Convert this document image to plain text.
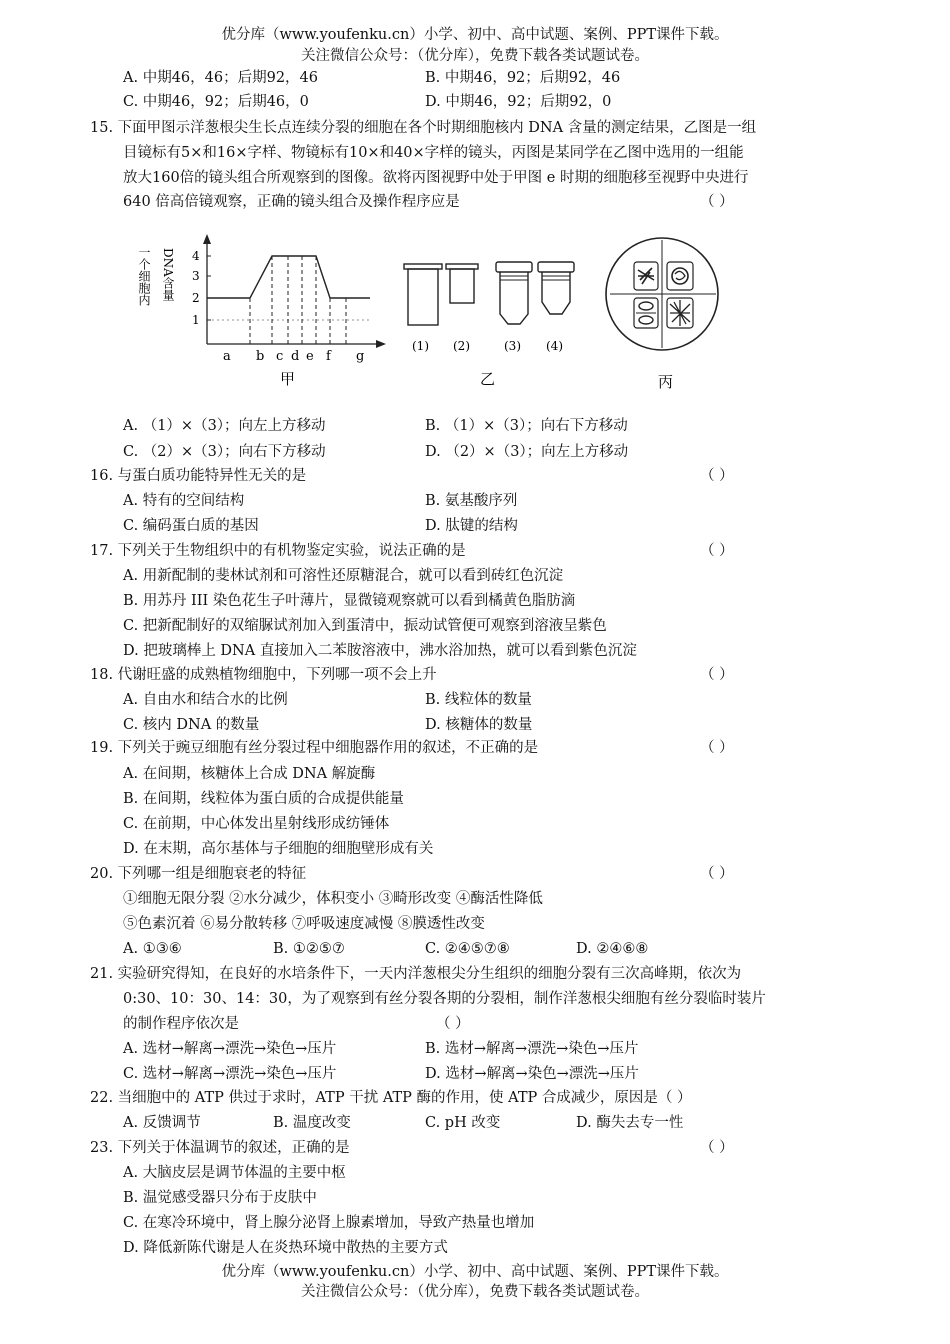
优分库（www.youfenku.cn）小学、初中、高中试题、案例、PPT课件下载。
关注微信公众号：（优分库），免费下载各类试题试卷。
A. 中期46，46；后期92，46	B. 中期46，92；后期92，46
C. 中期46，92；后期46，0	D. 中期46，92；后期92，0
15. 下面甲图示洋葱根尖生长点连续分裂的细胞在各个时期细胞核内 DNA 含量的测定结果，乙图是一组
目镜标有5×和16×字样、物镜标有10×和40×字样的镜头，丙图是某同学在乙图中选用的一组能
放大160倍的镜头组合所观察到的图像。欲将丙图视野中处于甲图 e 时期的细胞移至视野中央进行
640 倍高倍镜观察，正确的镜头组合及操作程序应是	（ ）
一个细胞内 DNA含量
1
2
3
4
a b c d e f g
甲
(1) (2)	(3) (4)
乙	丙
A. （1）×（3）；向左上方移动	B. （1）×（3）；向右下方移动
C. （2）×（3）；向右下方移动	D. （2）×（3）；向左上方移动
16. 与蛋白质功能特异性无关的是	（ ）
A. 特有的空间结构	B. 氨基酸序列
C. 编码蛋白质的基因	D. 肽键的结构
17. 下列关于生物组织中的有机物鉴定实验，说法正确的是	（ ）
A. 用新配制的斐林试剂和可溶性还原糖混合，就可以看到砖红色沉淀
B. 用苏丹 III 染色花生子叶薄片，显微镜观察就可以看到橘黄色脂肪滴
C. 把新配制好的双缩脲试剂加入到蛋清中，振动试管便可观察到溶液呈紫色
D. 把玻璃棒上 DNA 直接加入二苯胺溶液中，沸水浴加热，就可以看到紫色沉淀
18. 代谢旺盛的成熟植物细胞中，下列哪一项不会上升	（ ）
A. 自由水和结合水的比例	B. 线粒体的数量
C. 核内 DNA 的数量	D. 核糖体的数量
19. 下列关于豌豆细胞有丝分裂过程中细胞器作用的叙述，不正确的是	（ ）
A. 在间期，核糖体上合成 DNA 解旋酶
B. 在间期，线粒体为蛋白质的合成提供能量
C. 在前期，中心体发出星射线形成纺锤体
D. 在末期，高尔基体与子细胞的细胞壁形成有关
20. 下列哪一组是细胞衰老的特征	（ ）
①细胞无限分裂 ②水分减少，体积变小 ③畸形改变 ④酶活性降低
⑤色素沉着 ⑥易分散转移 ⑦呼吸速度减慢 ⑧膜透性改变
A. ①③⑥	B. ①②⑤⑦	C. ②④⑤⑦⑧	D. ②④⑥⑧
21. 实验研究得知，在良好的水培条件下，一天内洋葱根尖分生组织的细胞分裂有三次高峰期，依次为
0:30、10：30、14：30，为了观察到有丝分裂各期的分裂相，制作洋葱根尖细胞有丝分裂临时装片
的制作程序依次是	（ ）
A. 选材→解离→漂洗→染色→压片	B. 选材→解离→漂洗→染色→压片
C. 选材→解离→漂洗→染色→压片	D. 选材→解离→染色→漂洗→压片
22. 当细胞中的 ATP 供过于求时，ATP 干扰 ATP 酶的作用，使 ATP 合成减少，原因是（ ）
A. 反馈调节	B. 温度改变	C. pH 改变	D. 酶失去专一性
23. 下列关于体温调节的叙述，正确的是	（ ）
A. 大脑皮层是调节体温的主要中枢
B. 温觉感受器只分布于皮肤中
C. 在寒冷环境中，肾上腺分泌肾上腺素增加，导致产热量也增加
D. 降低新陈代谢是人在炎热环境中散热的主要方式
优分库（www.youfenku.cn）小学、初中、高中试题、案例、PPT课件下载。
关注微信公众号：（优分库），免费下载各类试题试卷。
